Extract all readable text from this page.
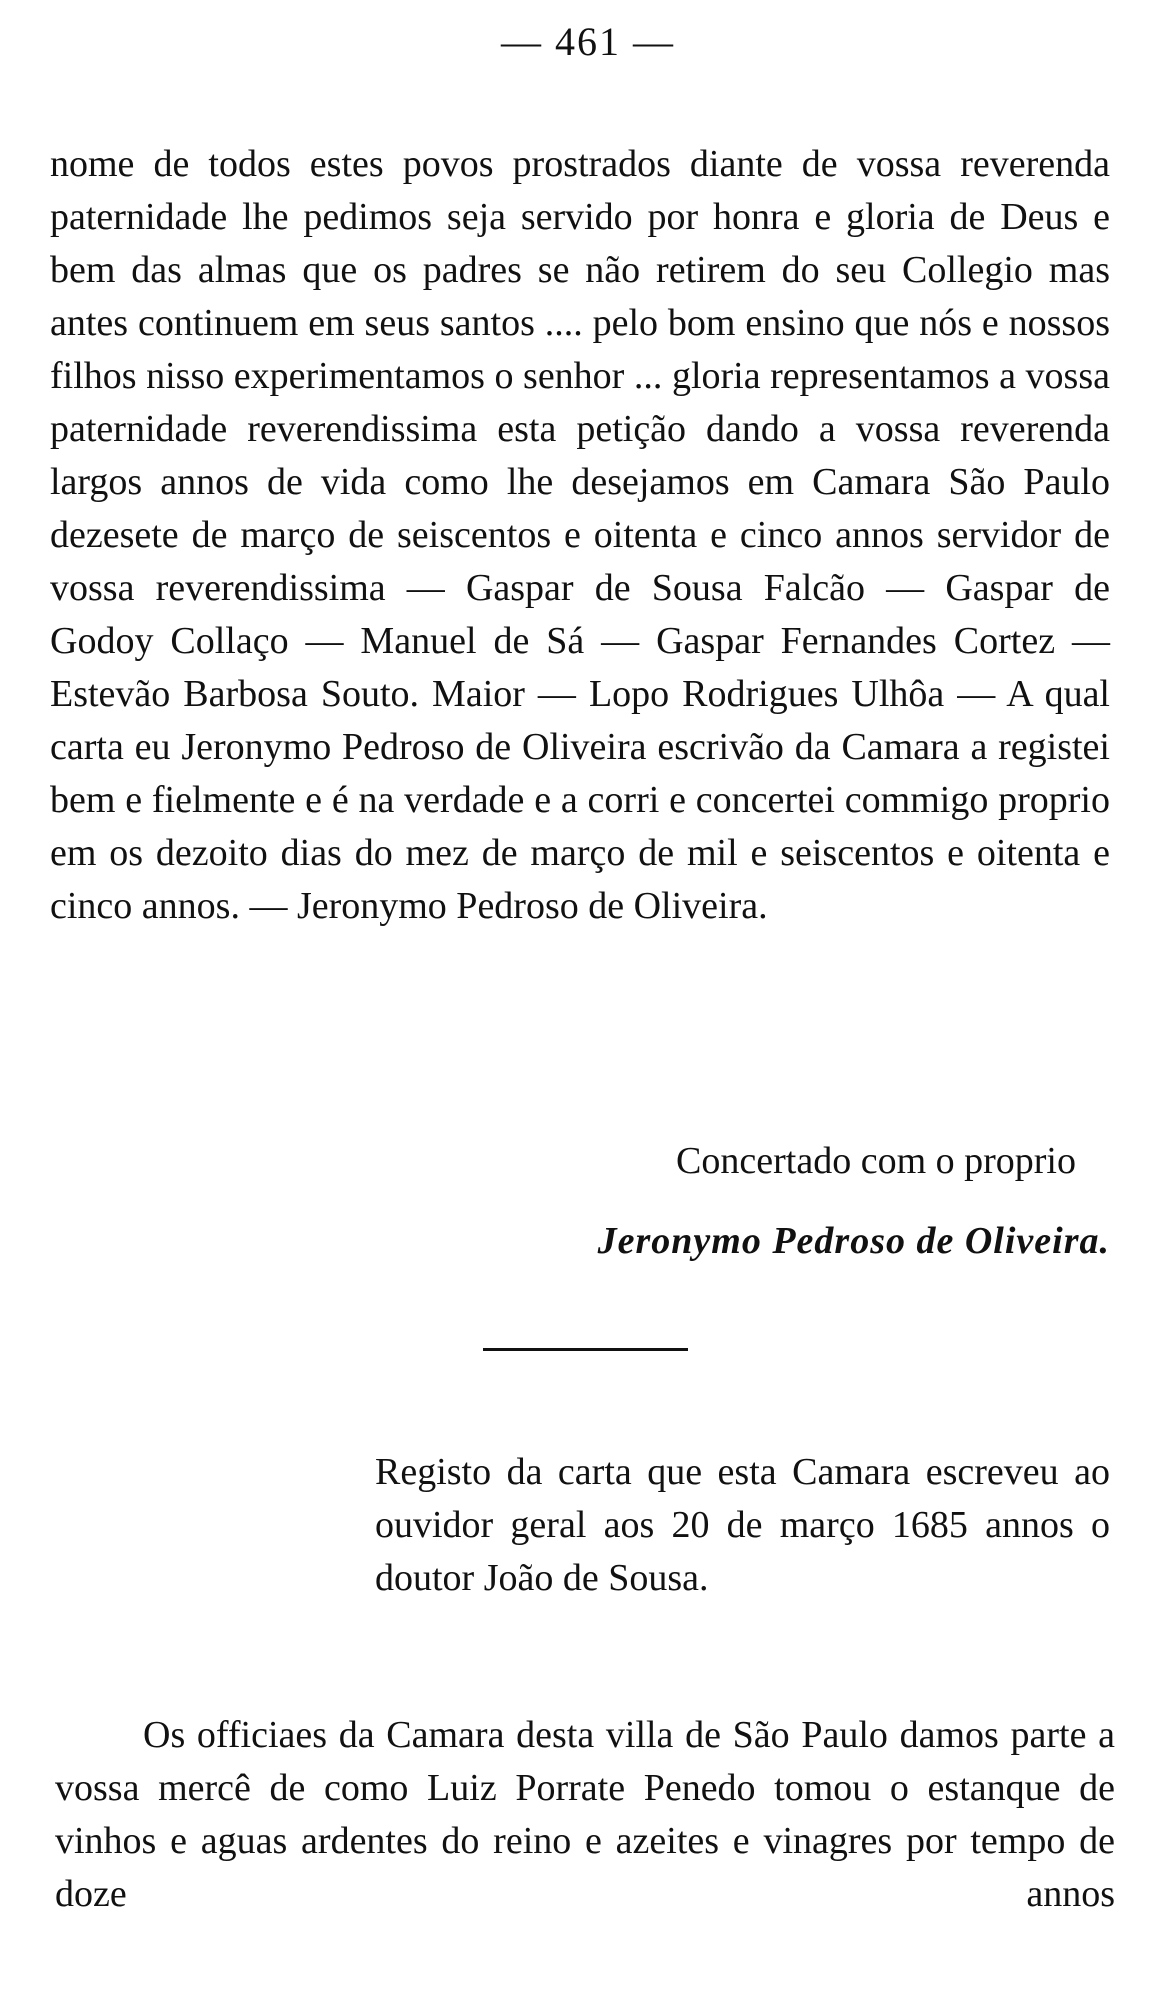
— 461 —

nome de todos estes povos prostrados diante de vossa reverenda paternidade lhe pedimos seja servido por honra e gloria de Deus e bem das almas que os padres se não retirem do seu Collegio mas antes continuem em seus santos .... pelo bom ensino que nós e nossos filhos nisso experimentamos o senhor ... gloria representamos a vossa paternidade reverendissima esta petição dando a vossa reverenda largos annos de vida como lhe desejamos em Camara São Paulo dezesete de março de seiscentos e oitenta e cinco annos servidor de vossa reverendissima — Gaspar de Sousa Falcão — Gaspar de Godoy Collaço — Manuel de Sá — Gaspar Fernandes Cortez — Estevão Barbosa Souto. Maior — Lopo Rodrigues Ulhôa — A qual carta eu Jeronymo Pedroso de Oliveira escrivão da Camara a registei bem e fielmente e é na verdade e a corri e concertei commigo proprio em os dezoito dias do mez de março de mil e seiscentos e oitenta e cinco annos. — Jeronymo Pedroso de Oliveira.

Concertado com o proprio
Jeronymo Pedroso de Oliveira.

Registo da carta que esta Camara escreveu ao ouvidor geral aos 20 de março 1685 annos o doutor João de Sousa.

Os officiaes da Camara desta villa de São Paulo damos parte a vossa mercê de como Luiz Porrate Penedo tomou o estanque de vinhos e aguas ardentes do reino e azeites e vinagres por tempo de doze annos
